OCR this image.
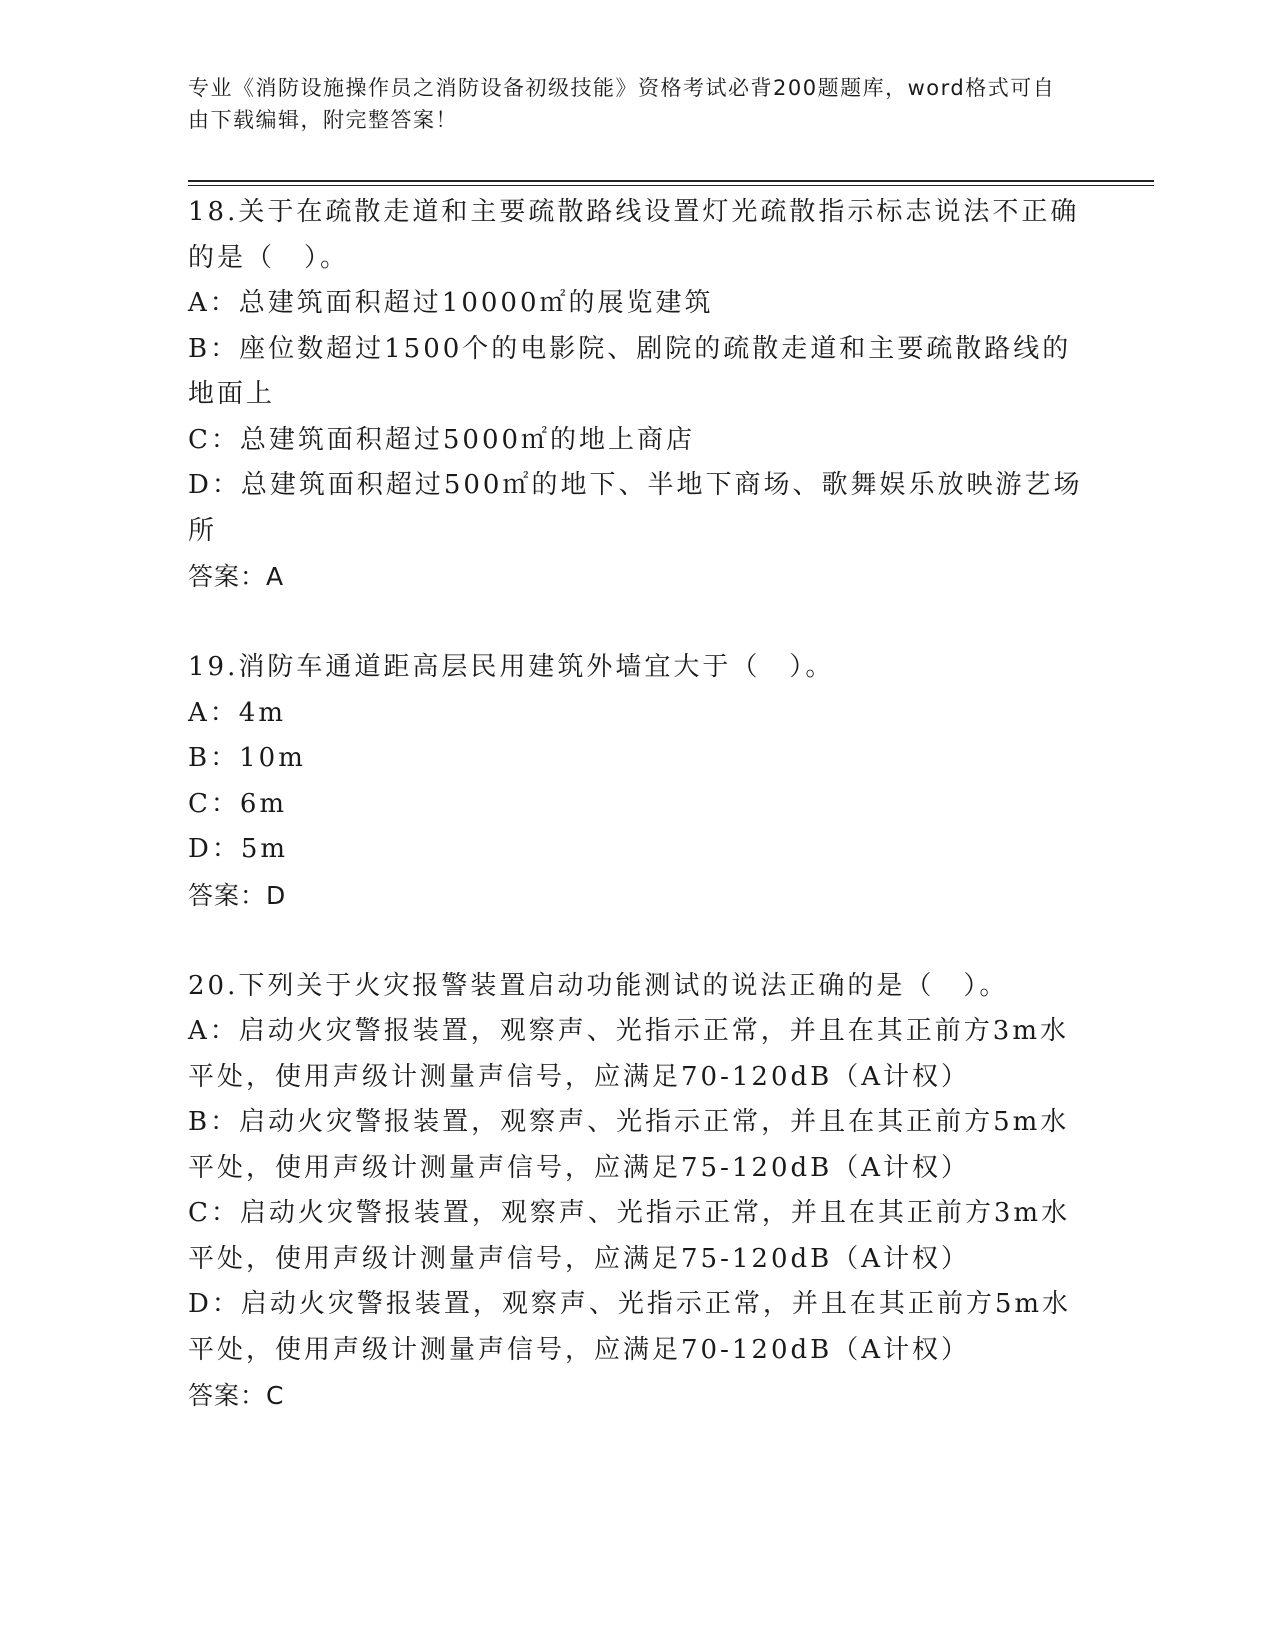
专业《消防设施操作员之消防设备初级技能》资格考试必背200题题库，word格式可自由下载编辑，附完整答案！
18.关于在疏散走道和主要疏散路线设置灯光疏散指示标志说法不正确的是（　）。
A：总建筑面积超过10000㎡的展览建筑
B：座位数超过1500个的电影院、剧院的疏散走道和主要疏散路线的地面上
C：总建筑面积超过5000㎡的地上商店
D：总建筑面积超过500㎡的地下、半地下商场、歌舞娱乐放映游艺场所
答案：A
19.消防车通道距高层民用建筑外墙宜大于（　）。
A：4m
B：10m
C：6m
D：5m
答案：D
20.下列关于火灾报警装置启动功能测试的说法正确的是（　）。
A：启动火灾警报装置，观察声、光指示正常，并且在其正前方3m水平处，使用声级计测量声信号，应满足70-120dB（A计权）
B：启动火灾警报装置，观察声、光指示正常，并且在其正前方5m水平处，使用声级计测量声信号，应满足75-120dB（A计权）
C：启动火灾警报装置，观察声、光指示正常，并且在其正前方3m水平处，使用声级计测量声信号，应满足75-120dB（A计权）
D：启动火灾警报装置，观察声、光指示正常，并且在其正前方5m水平处，使用声级计测量声信号，应满足70-120dB（A计权）
答案：C
